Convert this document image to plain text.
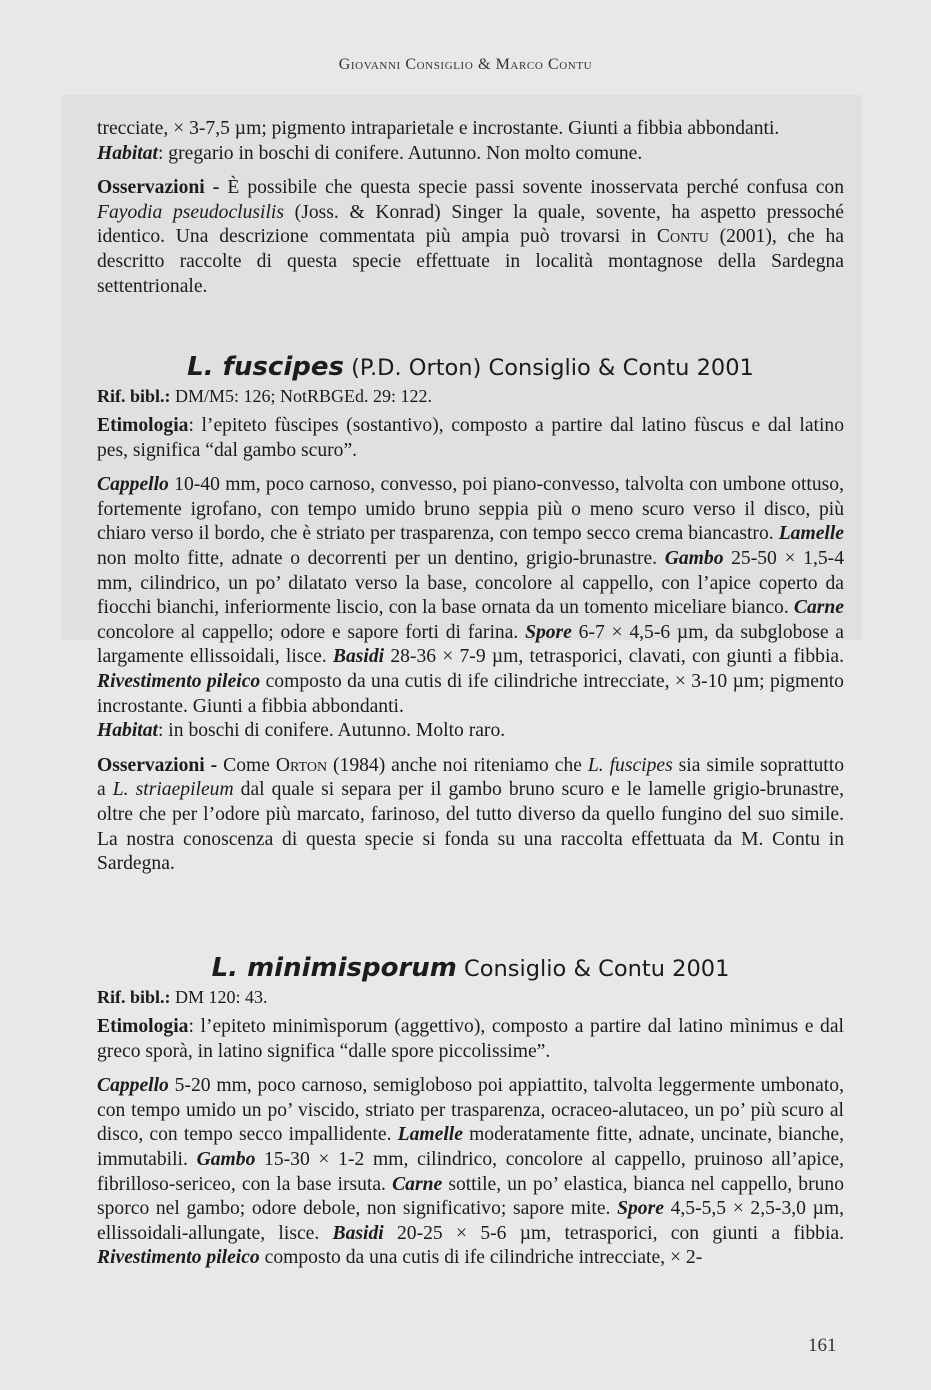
Giovanni Consiglio & Marco Contu

trecciate, × 3-7,5 µm; pigmento intraparietale e incrostante. Giunti a fibbia abbondanti.

Habitat: gregario in boschi di conifere. Autunno. Non molto comune.

Osservazioni - È possibile che questa specie passi sovente inosservata perché confusa con Fayodia pseudoclusilis (Joss. & Konrad) Singer la quale, sovente, ha aspetto pressoché identico. Una descrizione commentata più ampia può trovarsi in Contu (2001), che ha descritto raccolte di questa specie effettuate in località montagnose della Sardegna settentrionale.

L. fuscipes (P.D. Orton) Consiglio & Contu 2001
Rif. bibl.: DM/M5: 126; NotRBGEd. 29: 122.

Etimologia: l’epiteto fùscipes (sostantivo), composto a partire dal latino fùscus e dal latino pes, significa “dal gambo scuro”.

Cappello 10-40 mm, poco carnoso, convesso, poi piano-convesso, talvolta con umbone ottuso, fortemente igrofano, con tempo umido bruno seppia più o meno scuro verso il disco, più chiaro verso il bordo, che è striato per trasparenza, con tempo secco crema biancastro. Lamelle non molto fitte, adnate o decorrenti per un dentino, grigio-brunastre. Gambo 25-50 × 1,5-4 mm, cilindrico, un po’ dilatato verso la base, concolore al cappello, con l’apice coperto da fiocchi bianchi, inferiormente liscio, con la base ornata da un tomento miceliare bianco. Carne concolore al cappello; odore e sapore forti di farina. Spore 6-7 × 4,5-6 µm, da subglobose a largamente ellissoidali, lisce. Basidi 28-36 × 7-9 µm, tetrasporici, clavati, con giunti a fibbia. Rivestimento pileico composto da una cutis di ife cilindriche intrecciate, × 3-10 µm; pigmento incrostante. Giunti a fibbia abbondanti.

Habitat: in boschi di conifere. Autunno. Molto raro.

Osservazioni - Come Orton (1984) anche noi riteniamo che L. fuscipes sia simile soprattutto a L. striaepileum dal quale si separa per il gambo bruno scuro e le lamelle grigio-brunastre, oltre che per l’odore più marcato, farinoso, del tutto diverso da quello fungino del suo simile. La nostra conoscenza di questa specie si fonda su una raccolta effettuata da M. Contu in Sardegna.

L. minimisporum Consiglio & Contu 2001
Rif. bibl.: DM 120: 43.

Etimologia: l’epiteto minimìsporum (aggettivo), composto a partire dal latino mìnimus e dal greco sporà, in latino significa “dalle spore piccolissime”.

Cappello 5-20 mm, poco carnoso, semigloboso poi appiattito, talvolta leggermente umbonato, con tempo umido un po’ viscido, striato per trasparenza, ocraceo-alutaceo, un po’ più scuro al disco, con tempo secco impallidente. Lamelle moderatamente fitte, adnate, uncinate, bianche, immutabili. Gambo 15-30 × 1-2 mm, cilindrico, concolore al cappello, pruinoso all’apice, fibrilloso-sericeo, con la base irsuta. Carne sottile, un po’ elastica, bianca nel cappello, bruno sporco nel gambo; odore debole, non significativo; sapore mite. Spore 4,5-5,5 × 2,5-3,0 µm, ellissoidali-allungate, lisce. Basidi 20-25 × 5-6 µm, tetrasporici, con giunti a fibbia. Rivestimento pileico composto da una cutis di ife cilindriche intrecciate, × 2-

161
